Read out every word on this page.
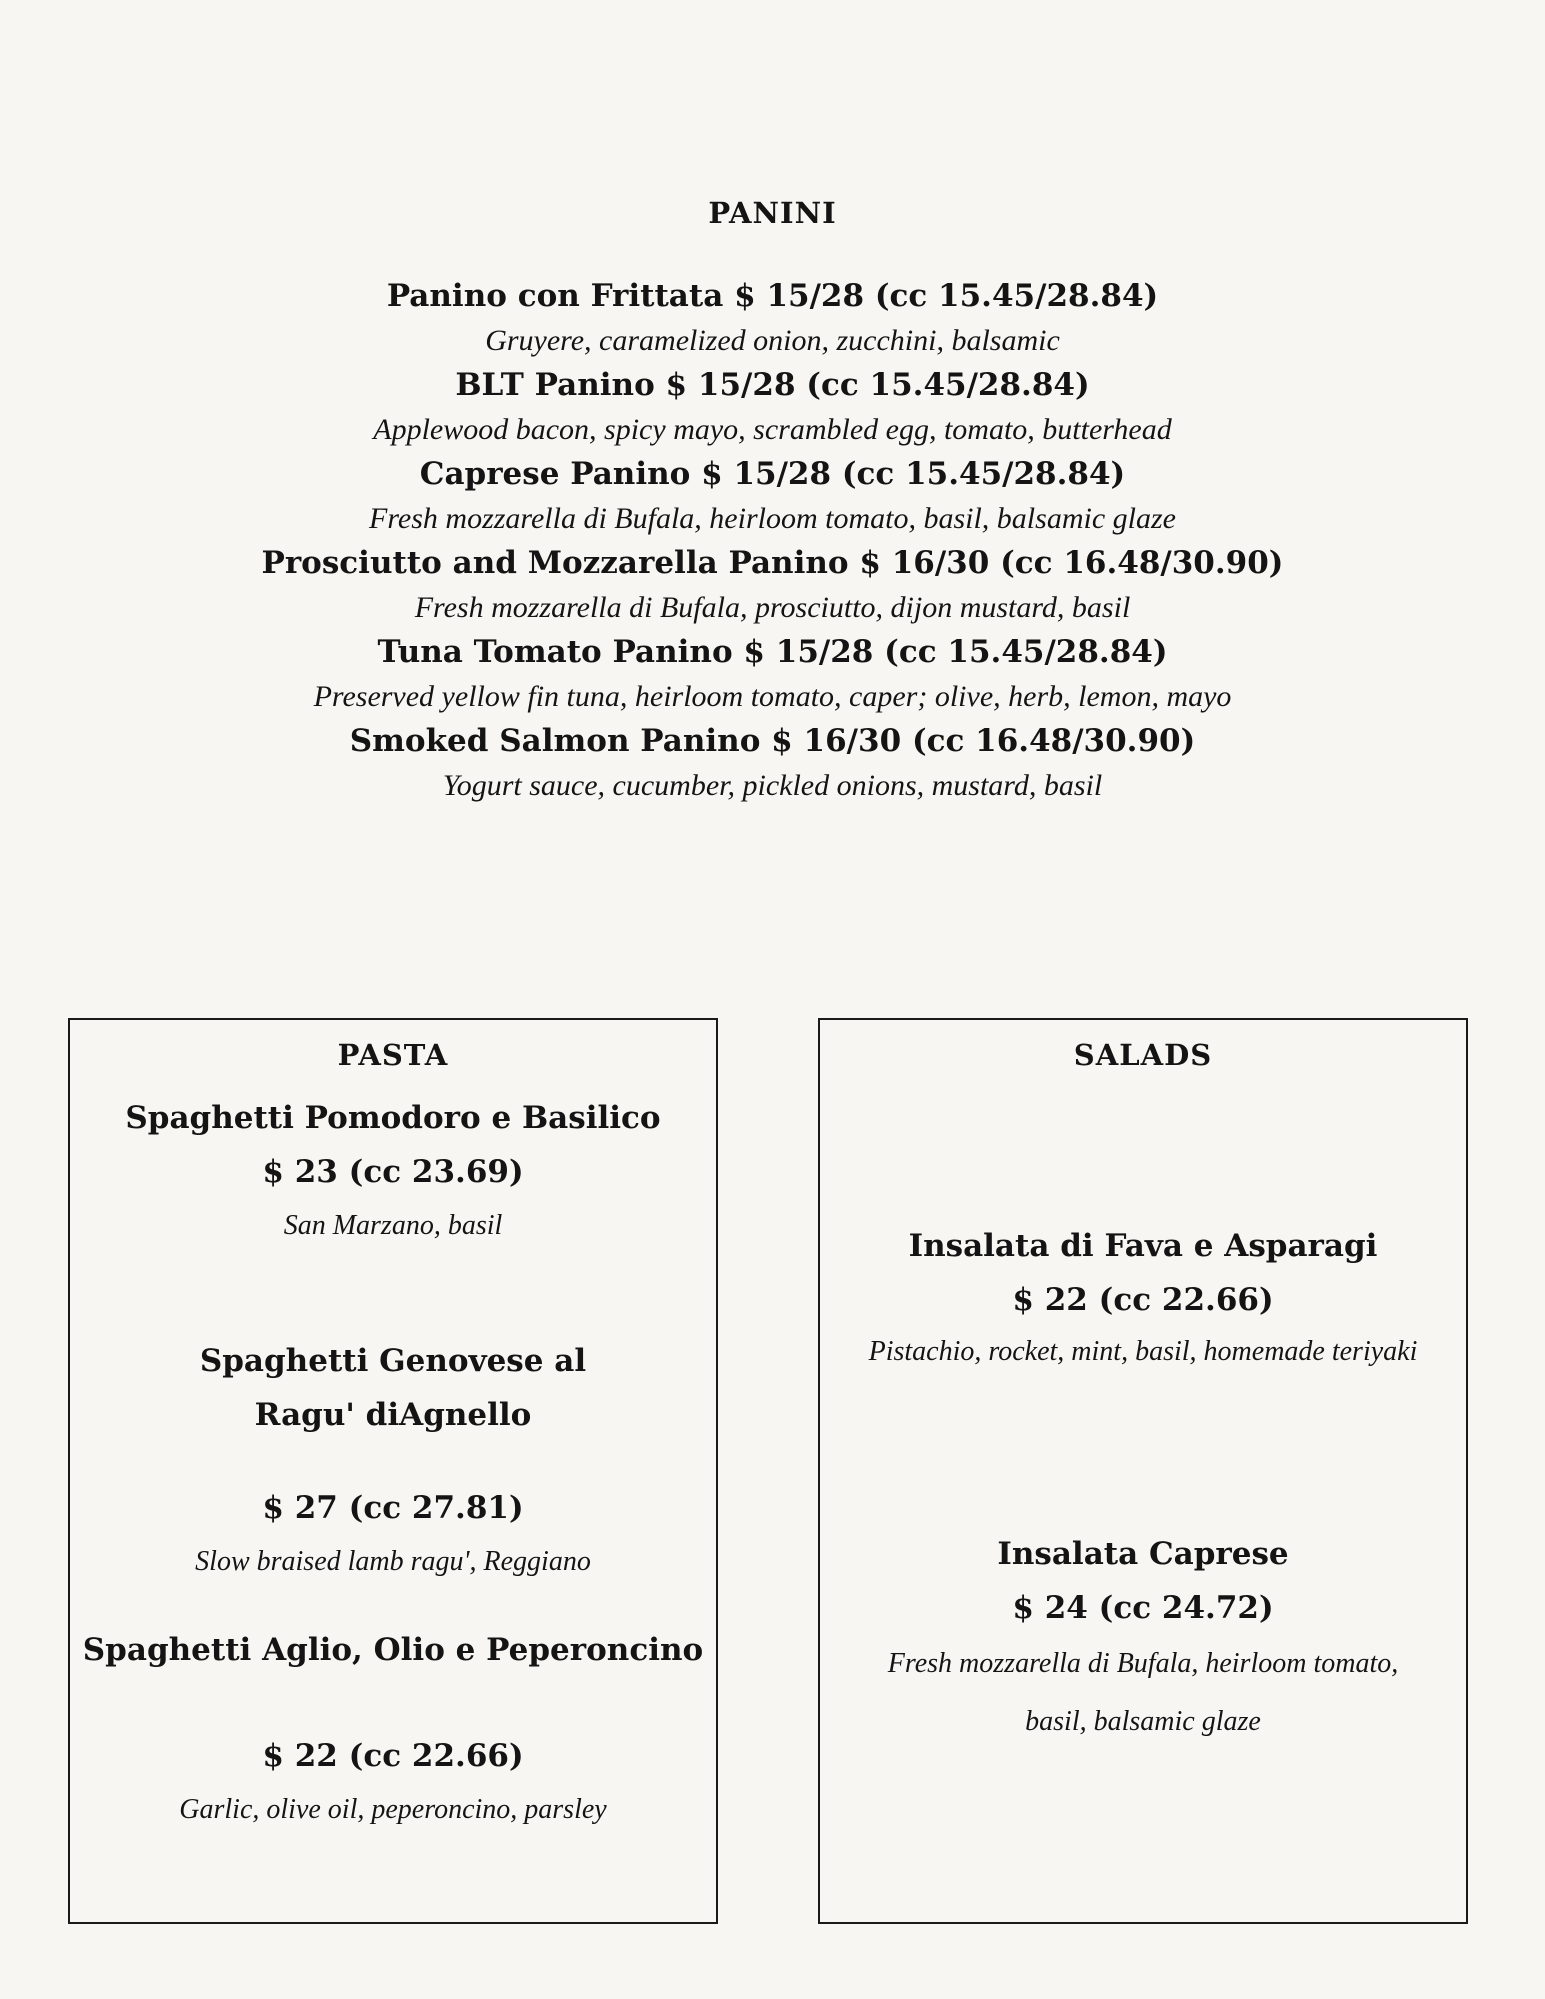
PANINI

Panino con Frittata $ 15/28 (cc 15.45/28.84)

Gruyere, caramelized onion, zucchini, balsamic

BLT Panino $ 15/28 (cc 15.45/28.84)

Applewood bacon, spicy mayo, scrambled egg, tomato, butterhead

Caprese Panino $ 15/28 (cc 15.45/28.84)

Fresh mozzarella di Bufala, heirloom tomato, basil, balsamic glaze

Prosciutto and Mozzarella Panino $ 16/30 (cc 16.48/30.90)

Fresh mozzarella di Bufala, prosciutto, dijon mustard, basil

Tuna Tomato Panino $ 15/28 (cc 15.45/28.84)

Preserved yellow fin tuna, heirloom tomato, caper; olive, herb, lemon, mayo

Smoked Salmon Panino $ 16/30 (cc 16.48/30.90)

Yogurt sauce, cucumber, pickled onions, mustard, basil

PASTA

Spaghetti Pomodoro e Basilico

$ 23 (cc 23.69)

San Marzano, basil

Spaghetti Genovese al

Ragu' diAgnello

$ 27 (cc 27.81)

Slow braised lamb ragu', Reggiano

Spaghetti Aglio, Olio e Peperoncino

$ 22 (cc 22.66)

Garlic, olive oil, peperoncino, parsley

SALADS

Insalata di Fava e Asparagi

$ 22 (cc 22.66)

Pistachio, rocket, mint, basil, homemade teriyaki

Insalata Caprese

$ 24 (cc 24.72)

Fresh mozzarella di Bufala, heirloom tomato,

basil, balsamic glaze
